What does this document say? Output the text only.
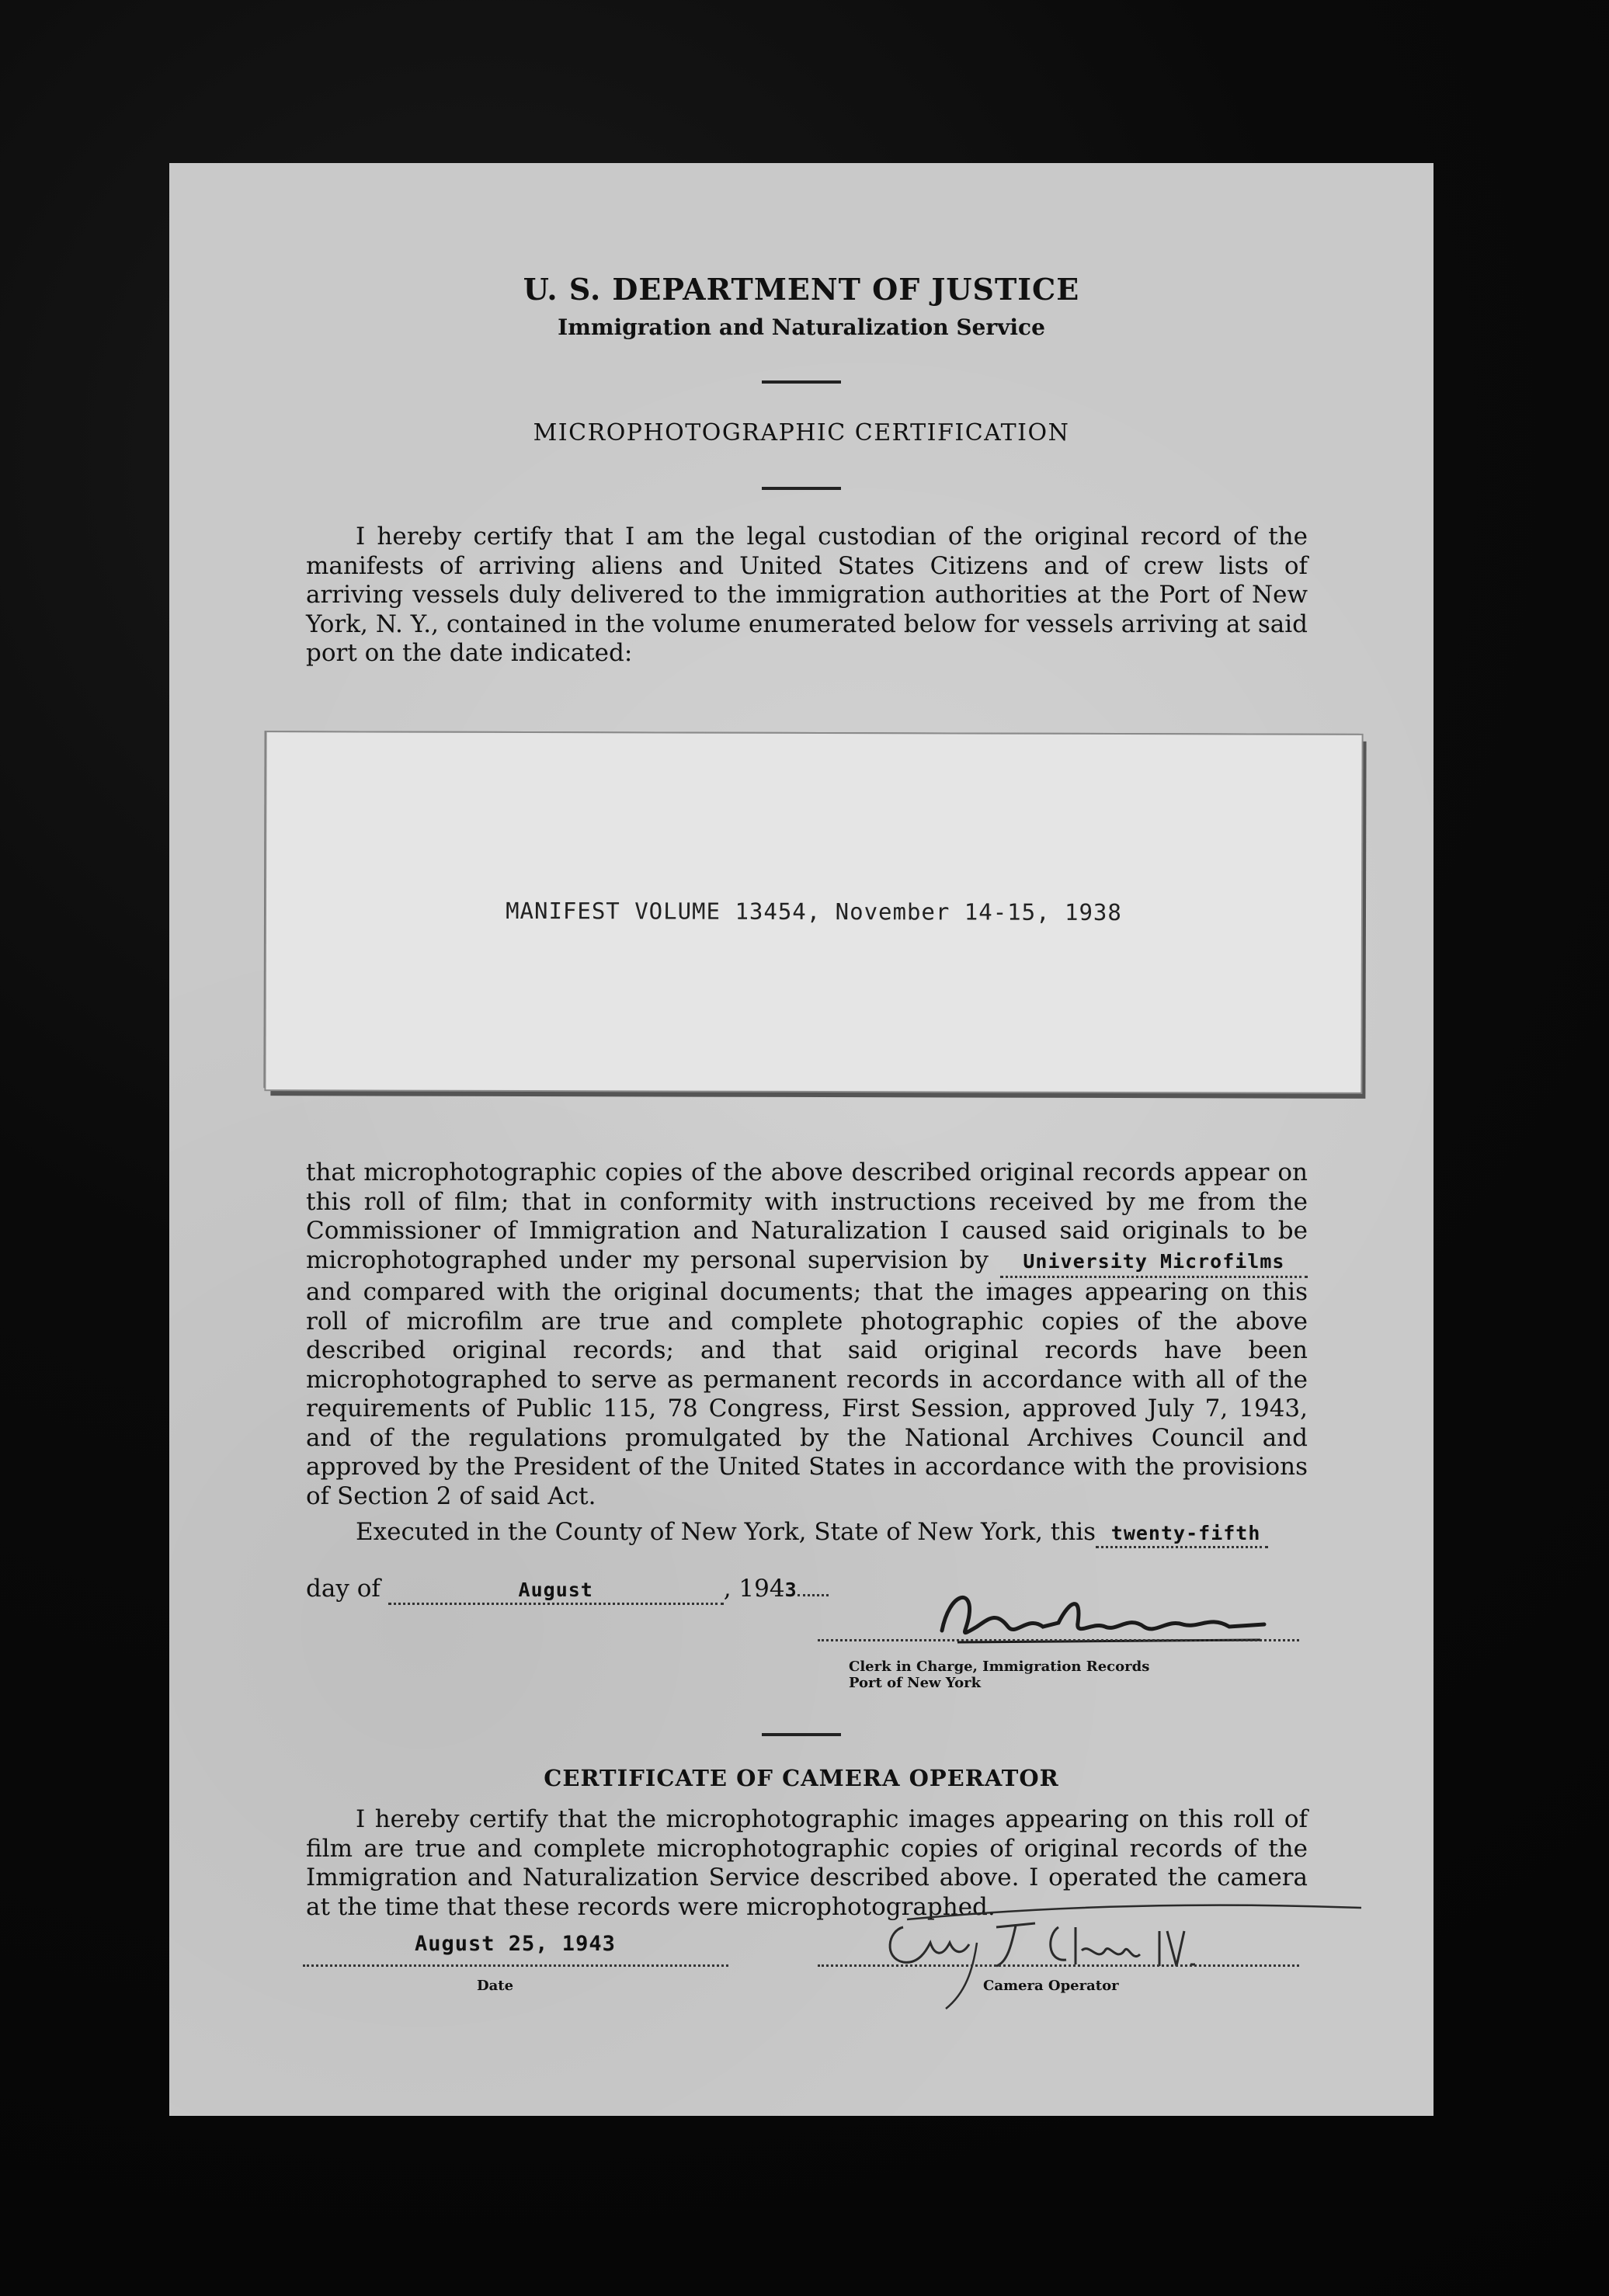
U. S. DEPARTMENT OF JUSTICE
Immigration and Naturalization Service
MICROPHOTOGRAPHIC CERTIFICATION
I hereby certify that I am the legal custodian of the original record of the manifests of arriving aliens and United States Citizens and of crew lists of arriving vessels duly delivered to the immigration authorities at the Port of New York, N. Y., contained in the volume enumerated below for vessels arriving at said port on the date indicated:
MANIFEST VOLUME 13454, November 14-15, 1938
that microphotographic copies of the above described original records appear on this roll of film; that in conformity with instructions received by me from the Commissioner of Immigration and Naturalization I caused said originals to be microphotographed under my personal supervision by University Microfilms    and compared with the original documents; that the images appearing on this roll of microfilm are true and complete photographic copies of the above described original records; and that said original records have been microphotographed to serve as permanent records in accordance with all of the requirements of Public 115, 78 Congress, First Session, approved July 7, 1943, and of the regulations promulgated by the National Archives Council and approved by the President of the United States in accordance with the provisions of Section 2 of said Act.
Executed in the County of New York, State of New York, this twenty-fifth
day of	August	, 1943
Clerk in Charge, Immigration Records
Port of New York
CERTIFICATE OF CAMERA OPERATOR
I hereby certify that the microphotographic images appearing on this roll of film are true and complete microphotographic copies of original records of the Immigration and Naturalization Service described above. I operated the camera at the time that these records were microphotographed.
August 25, 1943
Date	Camera Operator
